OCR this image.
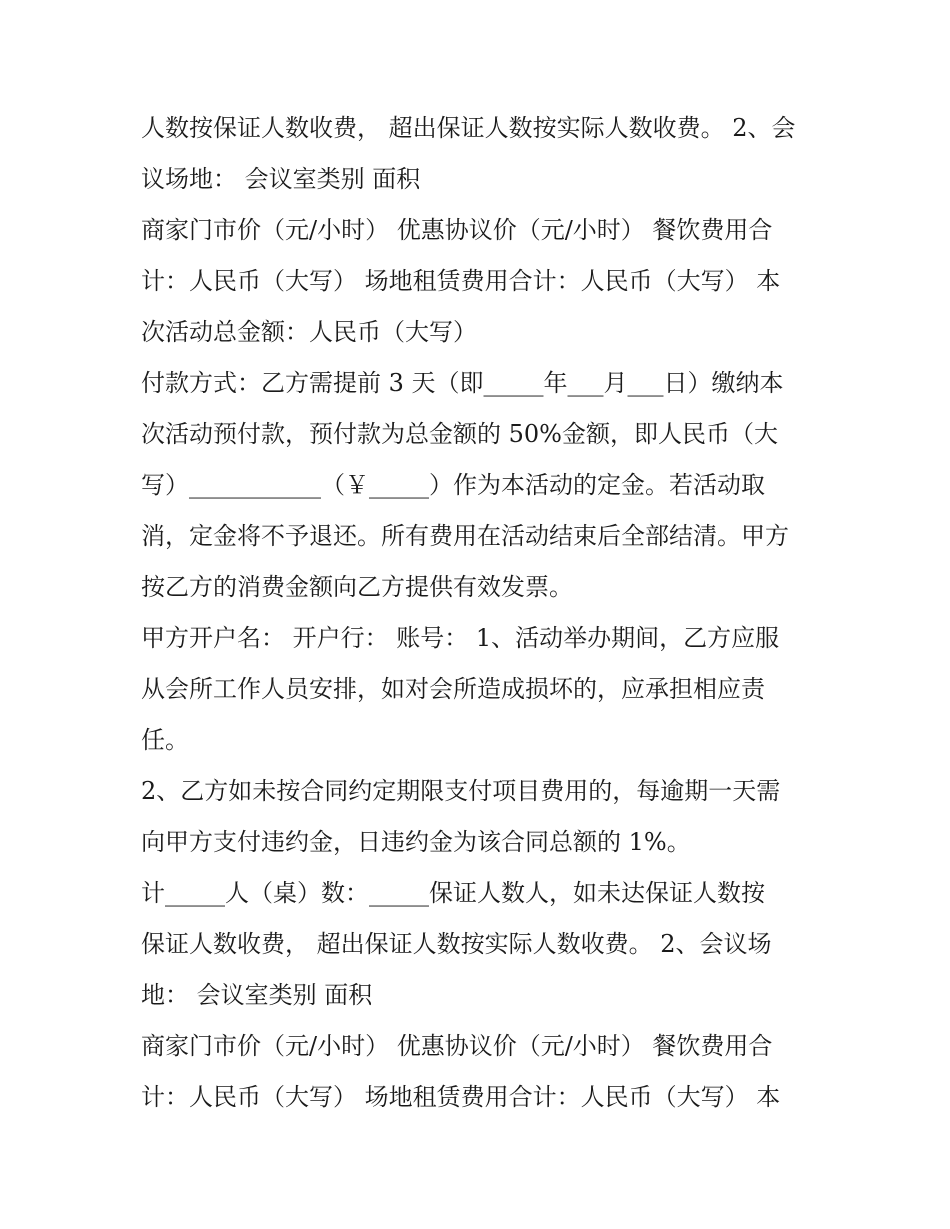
人数按保证人数收费， 超出保证人数按实际人数收费。 2、会
议场地： 会议室类别 面积
商家门市价（元/小时） 优惠协议价（元/小时） 餐饮费用合
计：人民币（大写） 场地租赁费用合计：人民币（大写） 本
次活动总金额：人民币（大写）
付款方式：乙方需提前 3 天（即_____年___月___日）缴纳本
次活动预付款，预付款为总金额的 50%金额，即人民币（大
写）___________（￥_____）作为本活动的定金。若活动取
消，定金将不予退还。所有费用在活动结束后全部结清。甲方
按乙方的消费金额向乙方提供有效发票。
甲方开户名： 开户行： 账号： 1、活动举办期间，乙方应服
从会所工作人员安排，如对会所造成损坏的，应承担相应责
任。
2、乙方如未按合同约定期限支付项目费用的，每逾期一天需
向甲方支付违约金，日违约金为该合同总额的 1%。
计_____人（桌）数：_____保证人数人，如未达保证人数按
保证人数收费， 超出保证人数按实际人数收费。 2、会议场
地： 会议室类别 面积
商家门市价（元/小时） 优惠协议价（元/小时） 餐饮费用合
计：人民币（大写） 场地租赁费用合计：人民币（大写） 本
